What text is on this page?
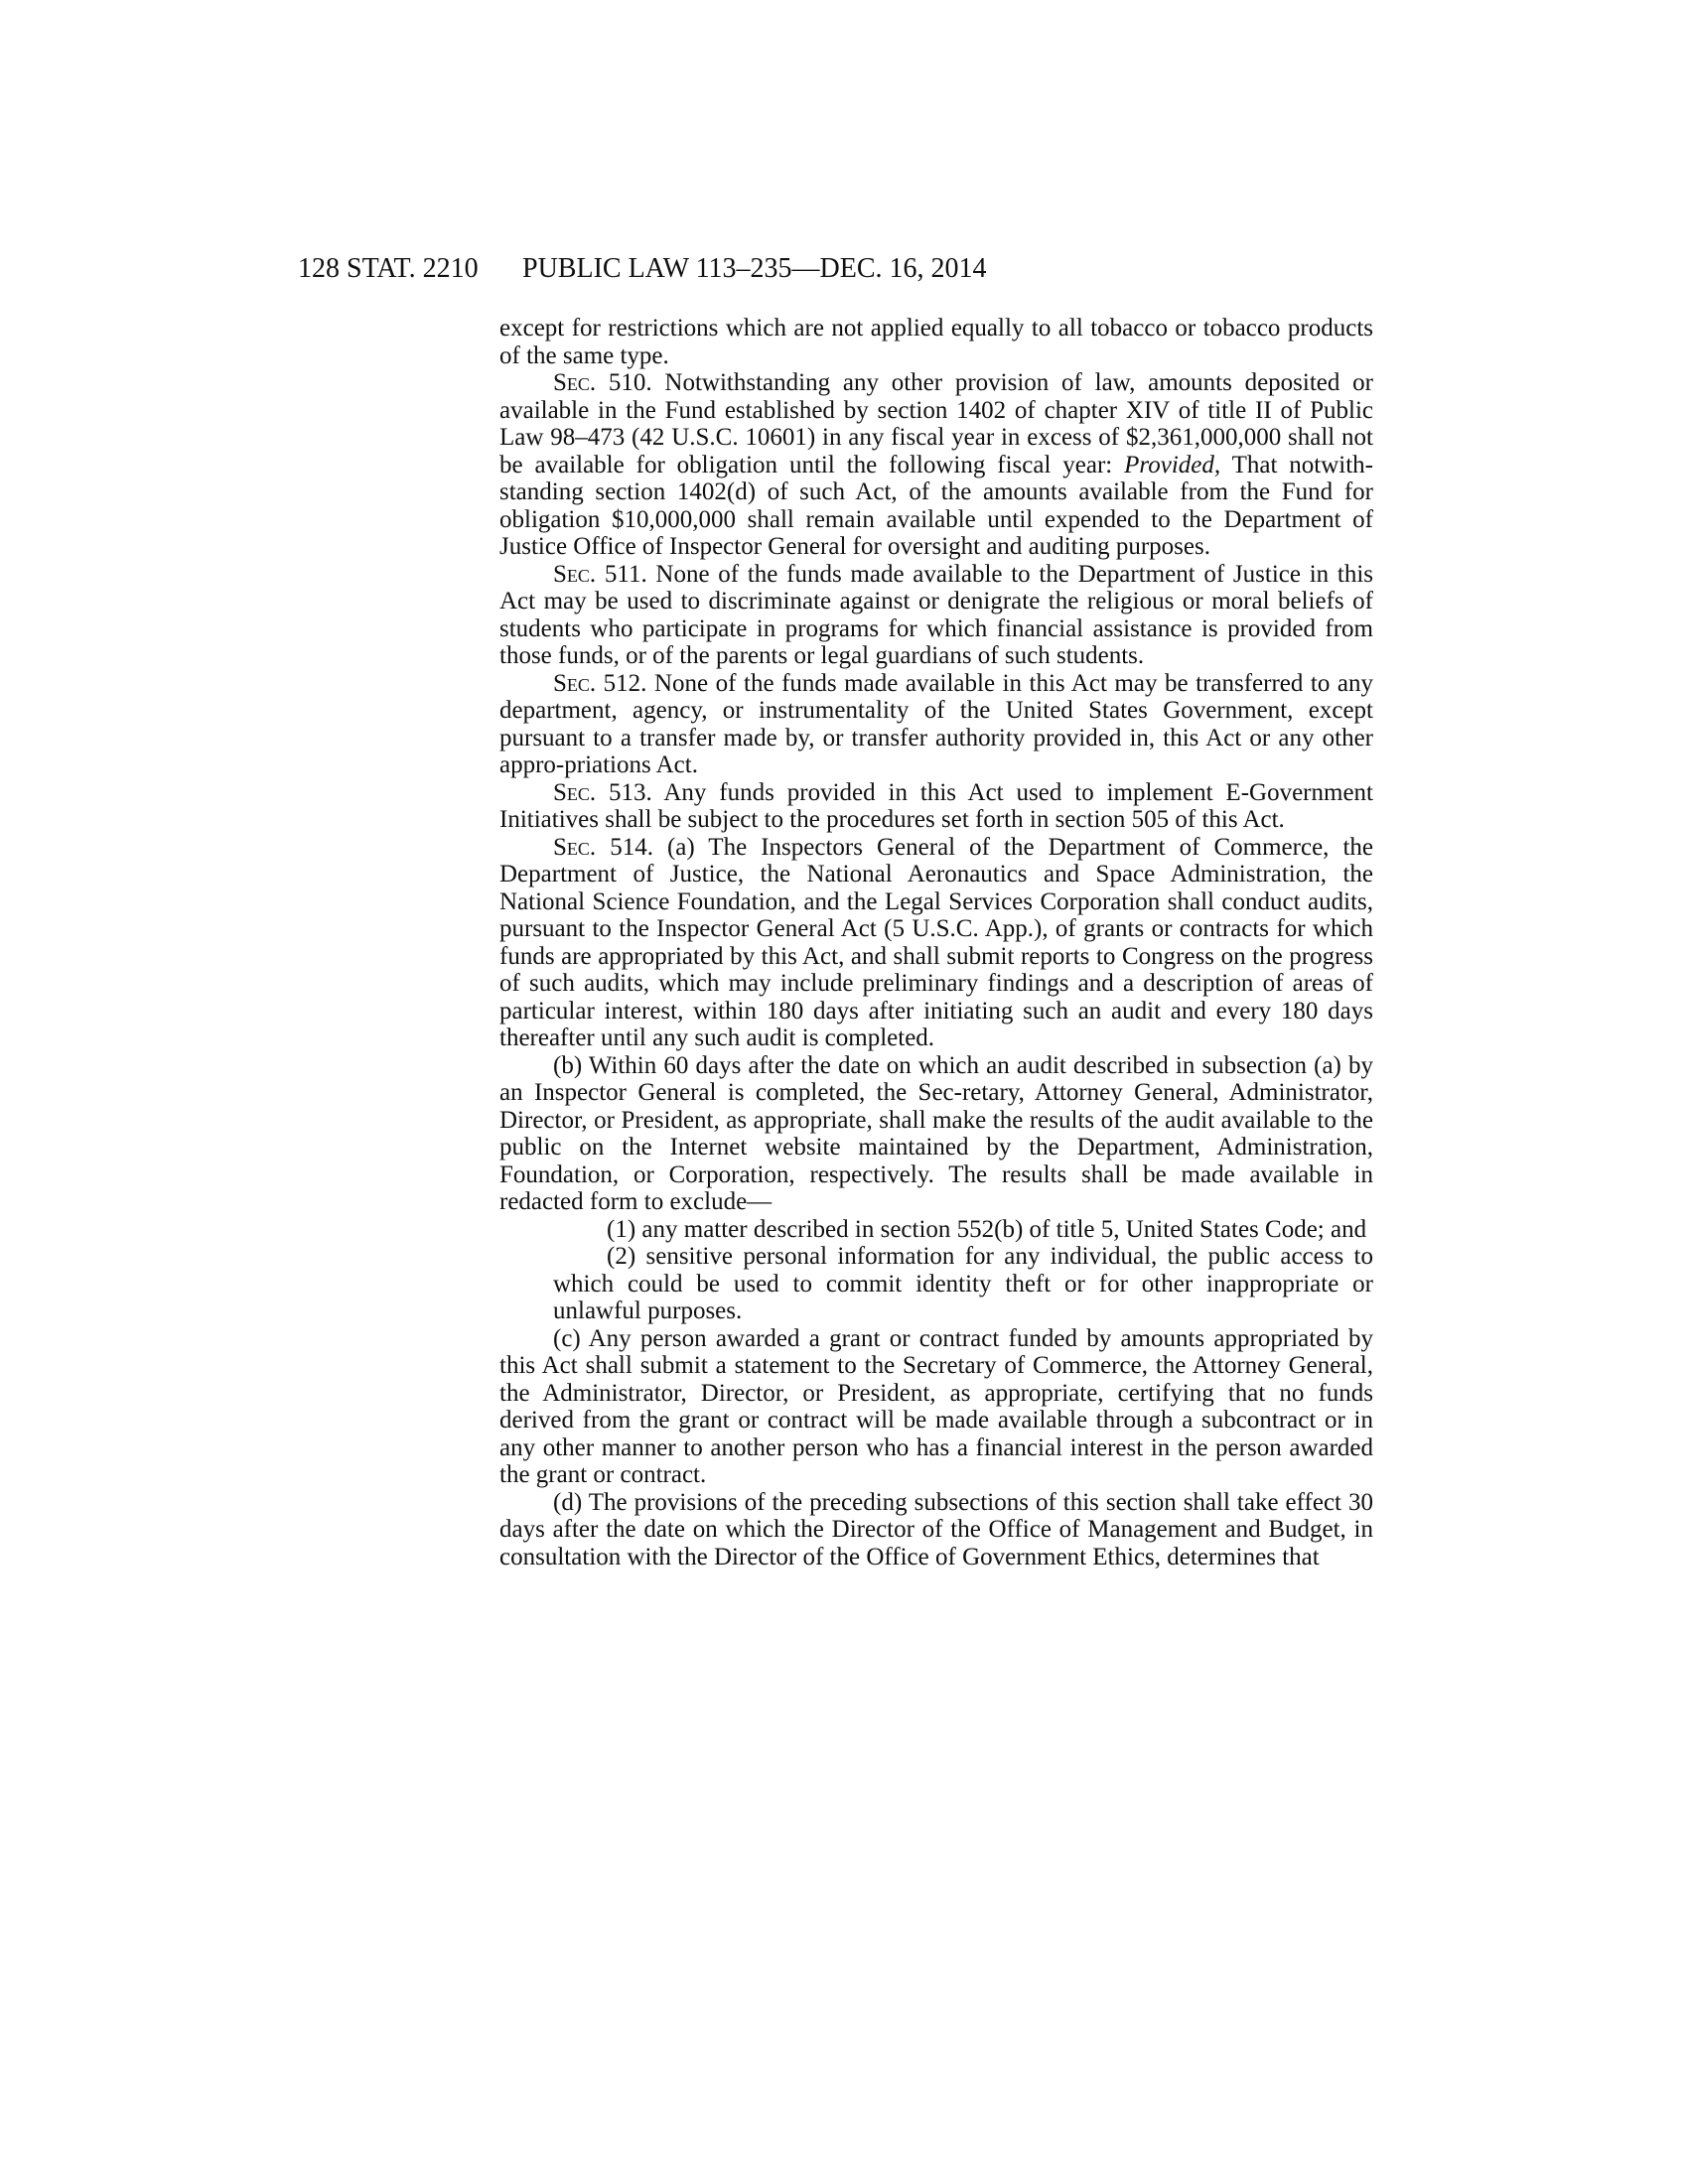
128 STAT. 2210 PUBLIC LAW 113–235—DEC. 16, 2014

except for restrictions which are not applied equally to all tobacco or tobacco products of the same type.

Sec. 510. Notwithstanding any other provision of law, amounts deposited or available in the Fund established by section 1402 of chapter XIV of title II of Public Law 98–473 (42 U.S.C. 10601) in any fiscal year in excess of $2,361,000,000 shall not be available for obligation until the following fiscal year: Provided, That notwith-standing section 1402(d) of such Act, of the amounts available from the Fund for obligation $10,000,000 shall remain available until expended to the Department of Justice Office of Inspector General for oversight and auditing purposes.

Sec. 511. None of the funds made available to the Department of Justice in this Act may be used to discriminate against or denigrate the religious or moral beliefs of students who participate in programs for which financial assistance is provided from those funds, or of the parents or legal guardians of such students.

Sec. 512. None of the funds made available in this Act may be transferred to any department, agency, or instrumentality of the United States Government, except pursuant to a transfer made by, or transfer authority provided in, this Act or any other appro-priations Act.

Sec. 513. Any funds provided in this Act used to implement E-Government Initiatives shall be subject to the procedures set forth in section 505 of this Act.

Sec. 514. (a) The Inspectors General of the Department of Commerce, the Department of Justice, the National Aeronautics and Space Administration, the National Science Foundation, and the Legal Services Corporation shall conduct audits, pursuant to the Inspector General Act (5 U.S.C. App.), of grants or contracts for which funds are appropriated by this Act, and shall submit reports to Congress on the progress of such audits, which may include preliminary findings and a description of areas of particular interest, within 180 days after initiating such an audit and every 180 days thereafter until any such audit is completed.

(b) Within 60 days after the date on which an audit described in subsection (a) by an Inspector General is completed, the Sec-retary, Attorney General, Administrator, Director, or President, as appropriate, shall make the results of the audit available to the public on the Internet website maintained by the Department, Administration, Foundation, or Corporation, respectively. The results shall be made available in redacted form to exclude—

(1) any matter described in section 552(b) of title 5, United States Code; and

(2) sensitive personal information for any individual, the public access to which could be used to commit identity theft or for other inappropriate or unlawful purposes.

(c) Any person awarded a grant or contract funded by amounts appropriated by this Act shall submit a statement to the Secretary of Commerce, the Attorney General, the Administrator, Director, or President, as appropriate, certifying that no funds derived from the grant or contract will be made available through a subcontract or in any other manner to another person who has a financial interest in the person awarded the grant or contract.

(d) The provisions of the preceding subsections of this section shall take effect 30 days after the date on which the Director of the Office of Management and Budget, in consultation with the Director of the Office of Government Ethics, determines that
